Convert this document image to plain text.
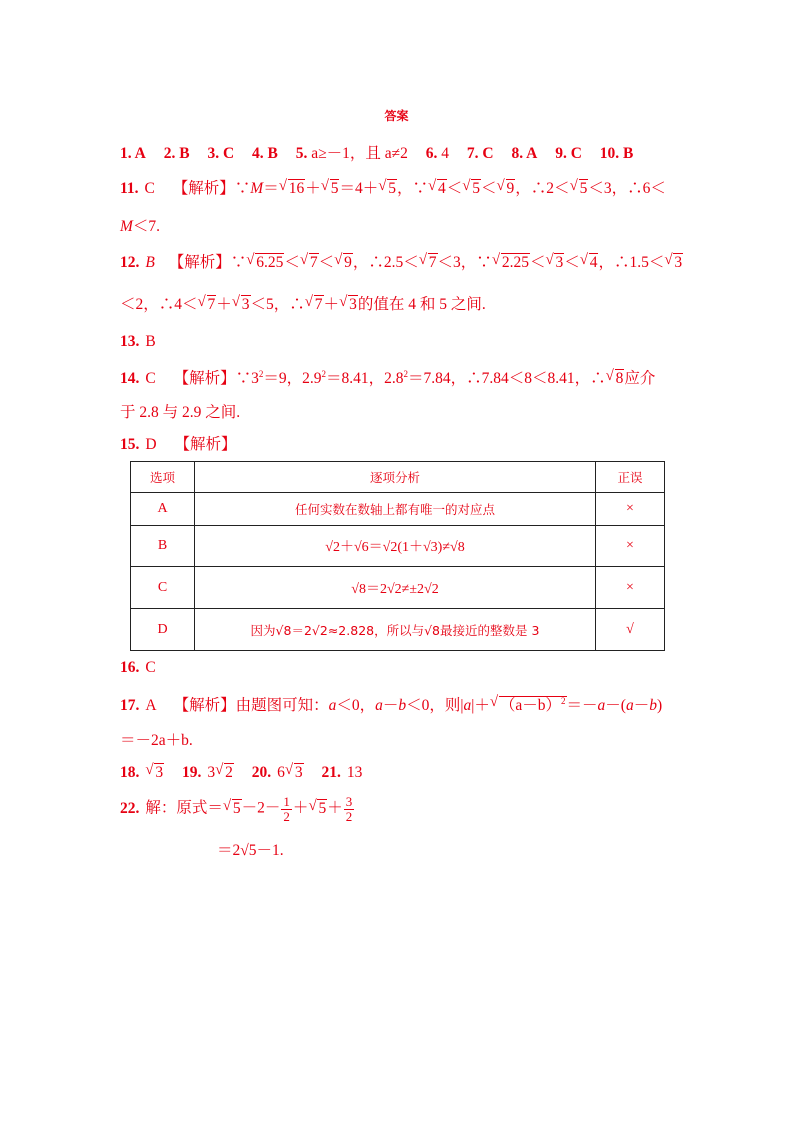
答案
1. A 2. B 3. C 4. B 5. a≥－1，且 a≠2 6. 4 7. C 8. A 9. C 10. B
11. C 【解析】∵M＝ √ 16＋ √ 5＝4＋ √ 5，∵ √ 4＜ √ 5＜ √ 9，∴2＜ √ 5＜3，∴6＜
M＜7.
12. B 【解析】∵ √ 6.25＜ √ 7＜ √ 9，∴2.5＜ √ 7＜3，∵ √ 2.25＜ √ 3＜ √ 4，∴1.5＜ √ 3
＜2，∴4＜ √ 7＋ √ 3＜5，∴ √ 7＋ √ 3的值在 4 和 5 之间.
13. B
14. C 【解析】$\because 3^2=9$，$2.9^2=8.41$，$2.8^2=7.84$，∴7.84＜8＜8.41，∴ √ 8应介
于 2.8 与 2.9 之间.
15. D 【解析】
选项	逐项分析	正误
A	任何实数在数轴上都有唯一的对应点	×
B	√2＋√6＝√2(1＋√3)≠√8	×
C	√8＝2√2≠±2√2	×
D	因为√8＝2√2≈2.828，所以与√8最接近的整数是 3	√
16. C
17. A 【解析】由题图可知：a＜0，a－b＜0，则|a|＋ √ $(a-b)^2=-a-(a-b)$
＝－2a＋b.
18. √ 3 19. 3 √ 2 20. 6 √ 3 21. 13
22. 解：原式＝ √ $5-2- \frac{1}{2}$ ＋ √ $5+ \frac{3}{2}$
＝2√5－1.
